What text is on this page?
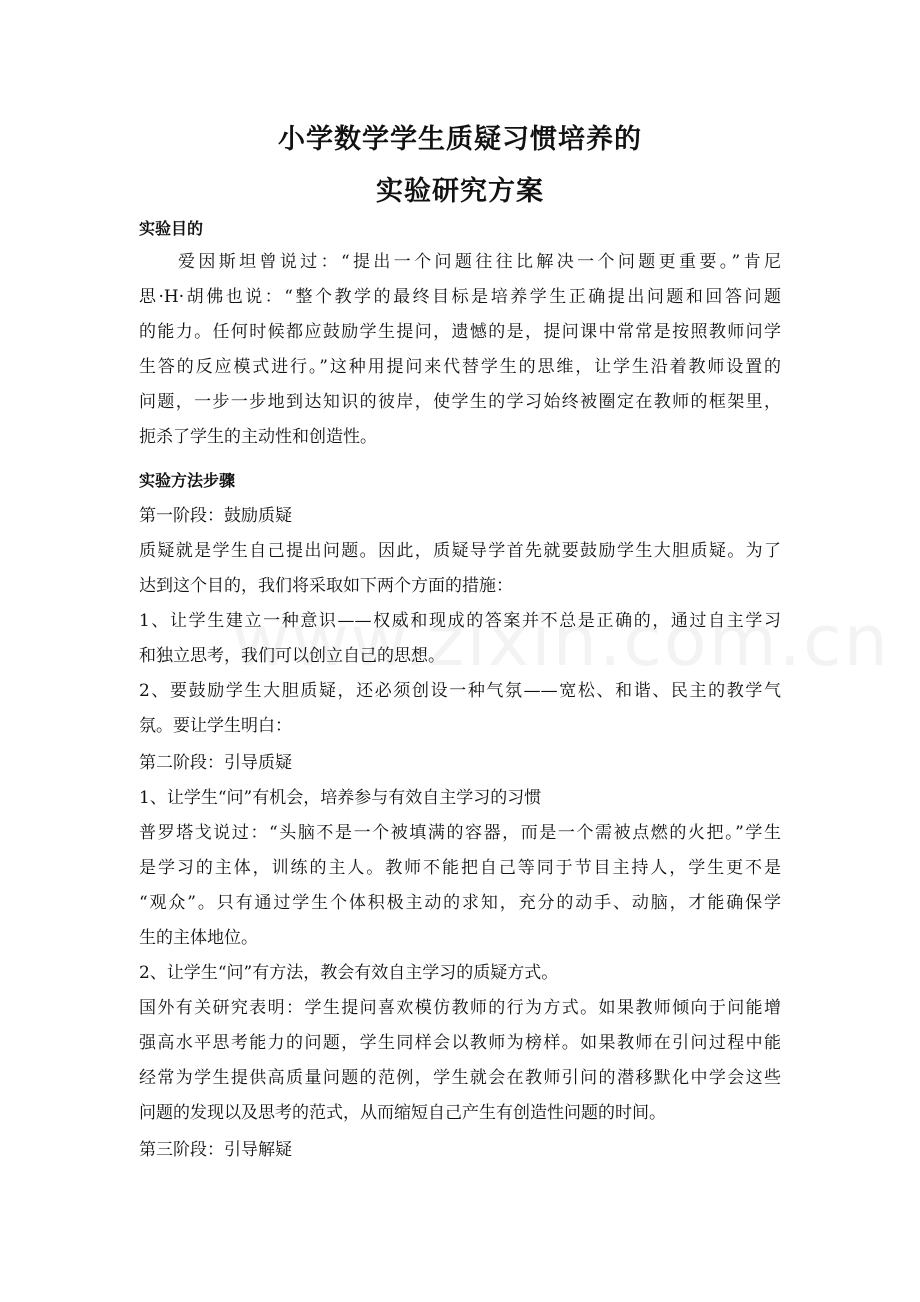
小学数学学生质疑习惯培养的
实验研究方案
实验目的
爱因斯坦曾说过：“提出一个问题往往比解决一个问题更重要。”肯尼
思·H·胡佛也说：“整个教学的最终目标是培养学生正确提出问题和回答问题
的能力。任何时候都应鼓励学生提问，遗憾的是，提问课中常常是按照教师问学
生答的反应模式进行。”这种用提问来代替学生的思维，让学生沿着教师设置的
问题，一步一步地到达知识的彼岸，使学生的学习始终被圈定在教师的框架里，
扼杀了学生的主动性和创造性。
实验方法步骤
第一阶段：鼓励质疑
质疑就是学生自己提出问题。因此，质疑导学首先就要鼓励学生大胆质疑。为了
达到这个目的，我们将采取如下两个方面的措施：
1、让学生建立一种意识——权威和现成的答案并不总是正确的，通过自主学习
和独立思考，我们可以创立自己的思想。
2、要鼓励学生大胆质疑，还必须创设一种气氛——宽松、和谐、民主的教学气
氛。要让学生明白：
第二阶段：引导质疑
1、让学生“问”有机会，培养参与有效自主学习的习惯
普罗塔戈说过：“头脑不是一个被填满的容器，而是一个需被点燃的火把。”学生
是学习的主体，训练的主人。教师不能把自己等同于节目主持人，学生更不是
“观众”。只有通过学生个体积极主动的求知，充分的动手、动脑，才能确保学
生的主体地位。
2、让学生“问”有方法，教会有效自主学习的质疑方式。
国外有关研究表明：学生提问喜欢模仿教师的行为方式。如果教师倾向于问能增
强高水平思考能力的问题，学生同样会以教师为榜样。如果教师在引问过程中能
经常为学生提供高质量问题的范例，学生就会在教师引问的潜移默化中学会这些
问题的发现以及思考的范式，从而缩短自己产生有创造性问题的时间。
第三阶段：引导解疑
